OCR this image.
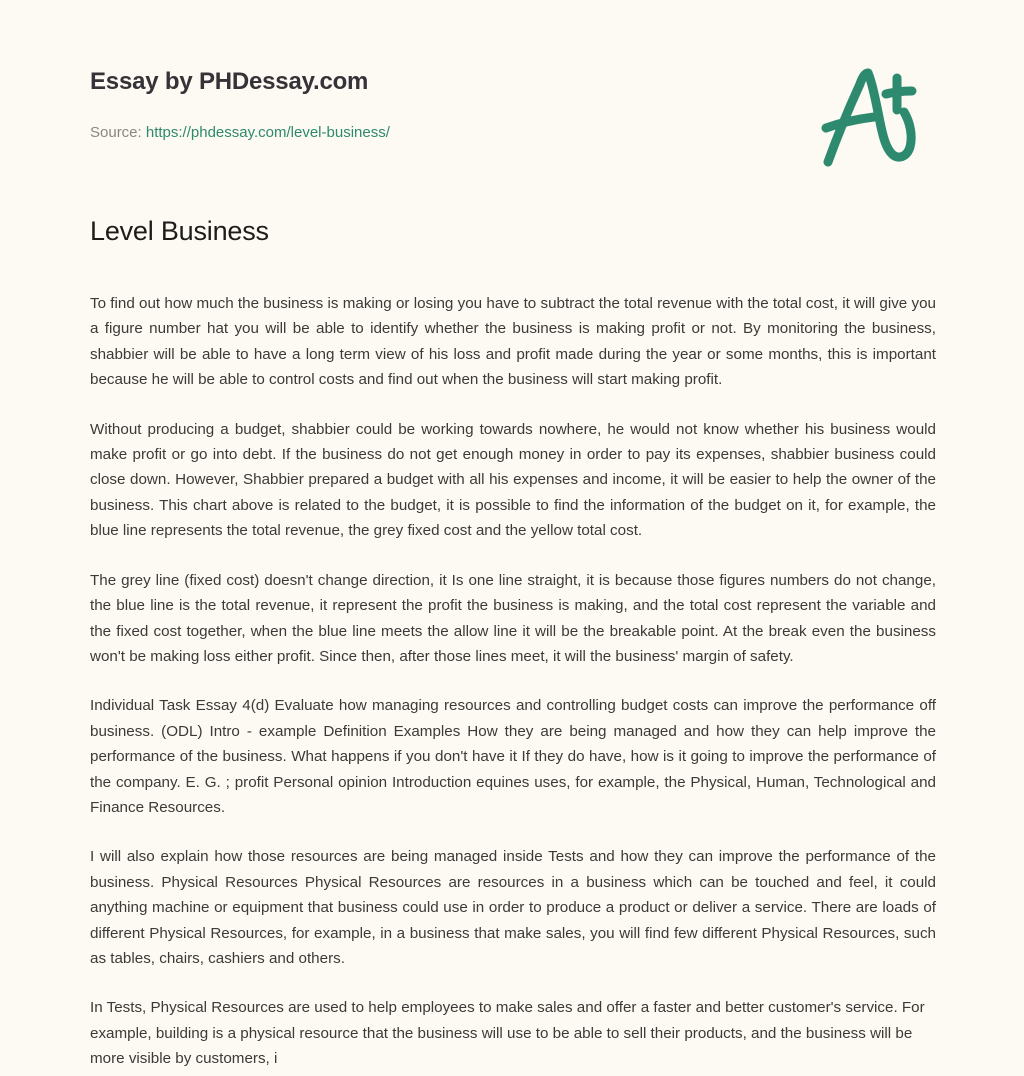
Essay by PHDessay.com
Source: https://phdessay.com/level-business/
Level Business

To find out how much the business is making or losing you have to subtract the total revenue with the total cost, it will give you a figure number hat you will be able to identify whether the business is making profit or not. By monitoring the business, shabbier will be able to have a long term view of his loss and profit made during the year or some months, this is important because he will be able to control costs and find out when the business will start making profit.

Without producing a budget, shabbier could be working towards nowhere, he would not know whether his business would make profit or go into debt. If the business do not get enough money in order to pay its expenses, shabbier business could close down. However, Shabbier prepared a budget with all his expenses and income, it will be easier to help the owner of the business. This chart above is related to the budget, it is possible to find the information of the budget on it, for example, the blue line represents the total revenue, the grey fixed cost and the yellow total cost.

The grey line (fixed cost) doesn't change direction, it Is one line straight, it is because those figures numbers do not change, the blue line is the total revenue, it represent the profit the business is making, and the total cost represent the variable and the fixed cost together, when the blue line meets the allow line it will be the breakable point. At the break even the business won't be making loss either profit. Since then, after those lines meet, it will the business' margin of safety.

Individual Task Essay 4(d) Evaluate how managing resources and controlling budget costs can improve the performance off business. (ODL) Intro - example Definition Examples How they are being managed and how they can help improve the performance of the business. What happens if you don't have it If they do have, how is it going to improve the performance of the company. E. G. ; profit Personal opinion Introduction equines uses, for example, the Physical, Human, Technological and Finance Resources.

I will also explain how those resources are being managed inside Tests and how they can improve the performance of the business. Physical Resources Physical Resources are resources in a business which can be touched and feel, it could anything machine or equipment that business could use in order to produce a product or deliver a service. There are loads of different Physical Resources, for example, in a business that make sales, you will find few different Physical Resources, such as tables, chairs, cashiers and others.

In Tests, Physical Resources are used to help employees to make sales and offer a faster and better customer's service. For example, building is a physical resource that the business will use to be able to sell their products, and the business will be more visible by customers, i
